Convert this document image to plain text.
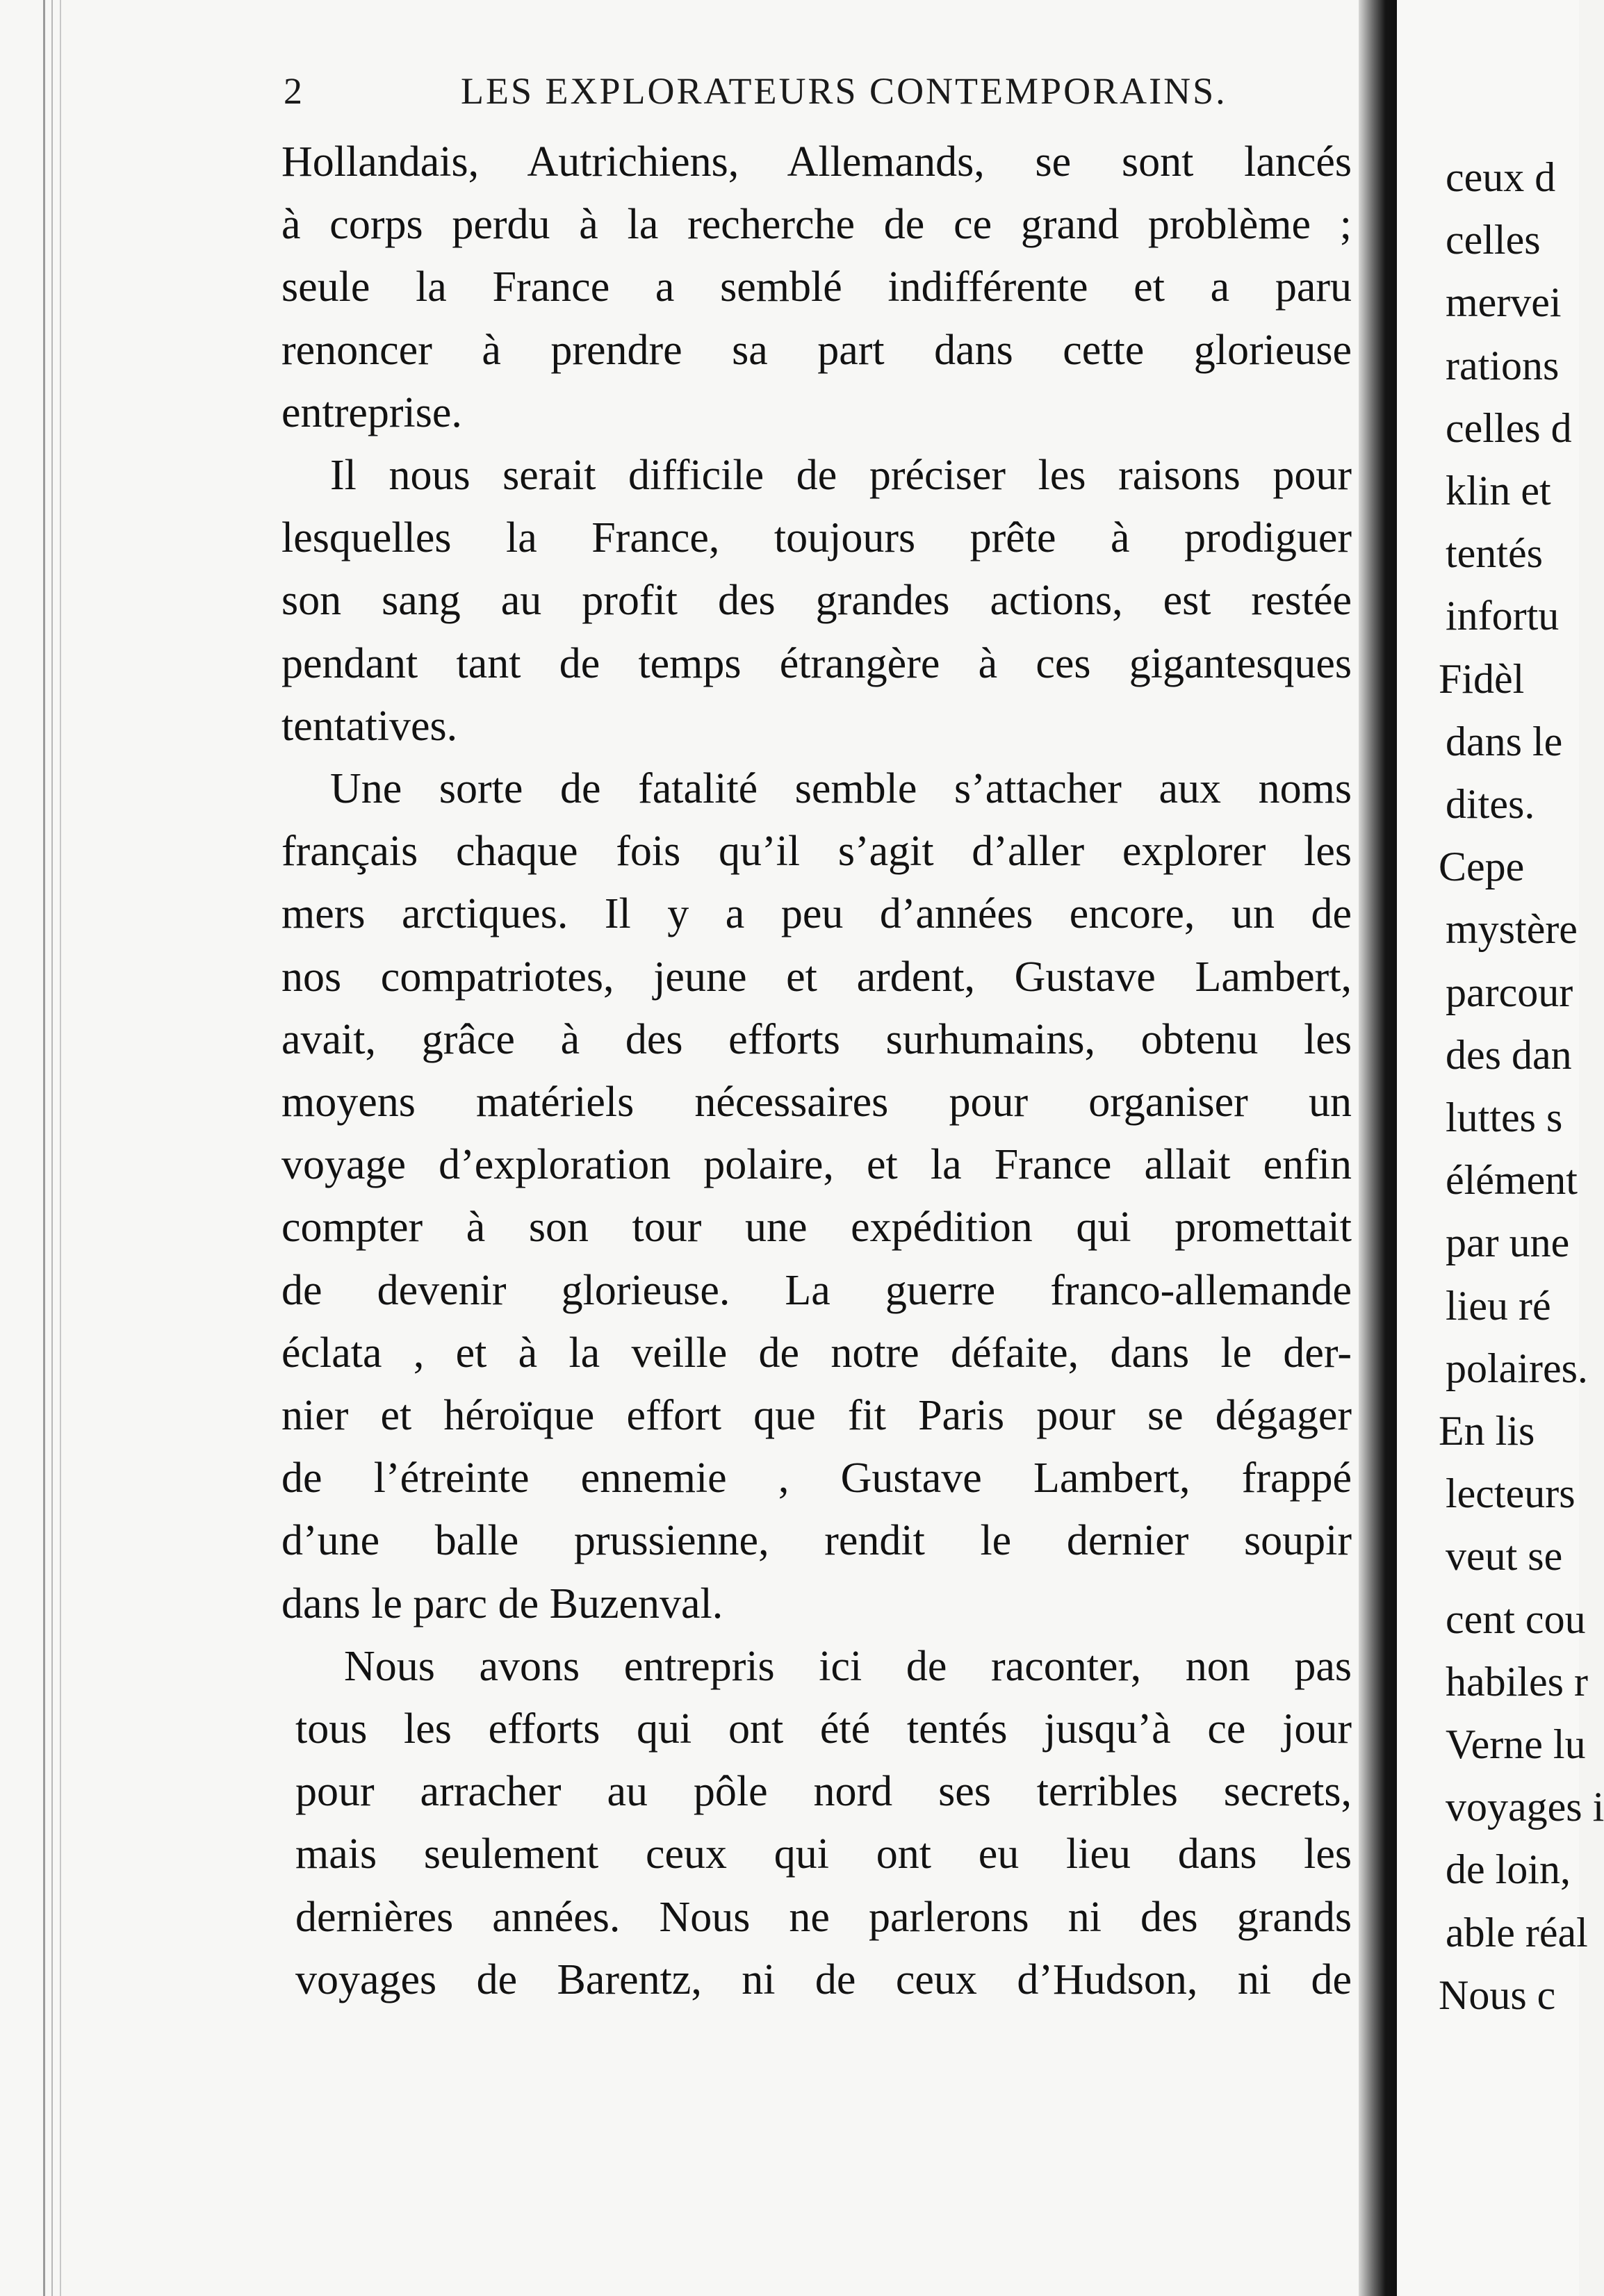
2	LES EXPLORATEURS CONTEMPORAINS.
Hollandais, Autrichiens, Allemands, se sont lancés
à corps perdu à la recherche de ce grand problème ;
seule la France a semblé indifférente et a paru
renoncer à prendre sa part dans cette glorieuse
entreprise.
Il nous serait difficile de préciser les raisons pour
lesquelles la France, toujours prête à prodiguer
son sang au profit des grandes actions, est restée
pendant tant de temps étrangère à ces gigantesques
tentatives.
Une sorte de fatalité semble s’attacher aux noms
français chaque fois qu’il s’agit d’aller explorer les
mers arctiques. Il y a peu d’années encore, un de
nos compatriotes, jeune et ardent, Gustave Lambert,
avait, grâce à des efforts surhumains, obtenu les
moyens matériels nécessaires pour organiser un
voyage d’exploration polaire, et la France allait enfin
compter à son tour une expédition qui promettait
de devenir glorieuse. La guerre franco-allemande
éclata , et à la veille de notre défaite, dans le der-
nier et héroïque effort que fit Paris pour se dégager
de l’étreinte ennemie , Gustave Lambert, frappé
d’une balle prussienne, rendit le dernier soupir
dans le parc de Buzenval.
Nous avons entrepris ici de raconter, non pas
tous les efforts qui ont été tentés jusqu’à ce jour
pour arracher au pôle nord ses terribles secrets,
mais seulement ceux qui ont eu lieu dans les
dernières années. Nous ne parlerons ni des grands
voyages de Barentz, ni de ceux d’Hudson, ni de
ceux d
celles
mervei
rations
celles d
klin et
tentés
infortu
Fidèl
dans le
dites.
Cepe
mystère
parcour
des dan
luttes s
élément
par une
lieu ré
polaires.
En lis
lecteurs
veut se
cent cou
habiles r
Verne lu
voyages i
de loin,
able réal
Nous c
